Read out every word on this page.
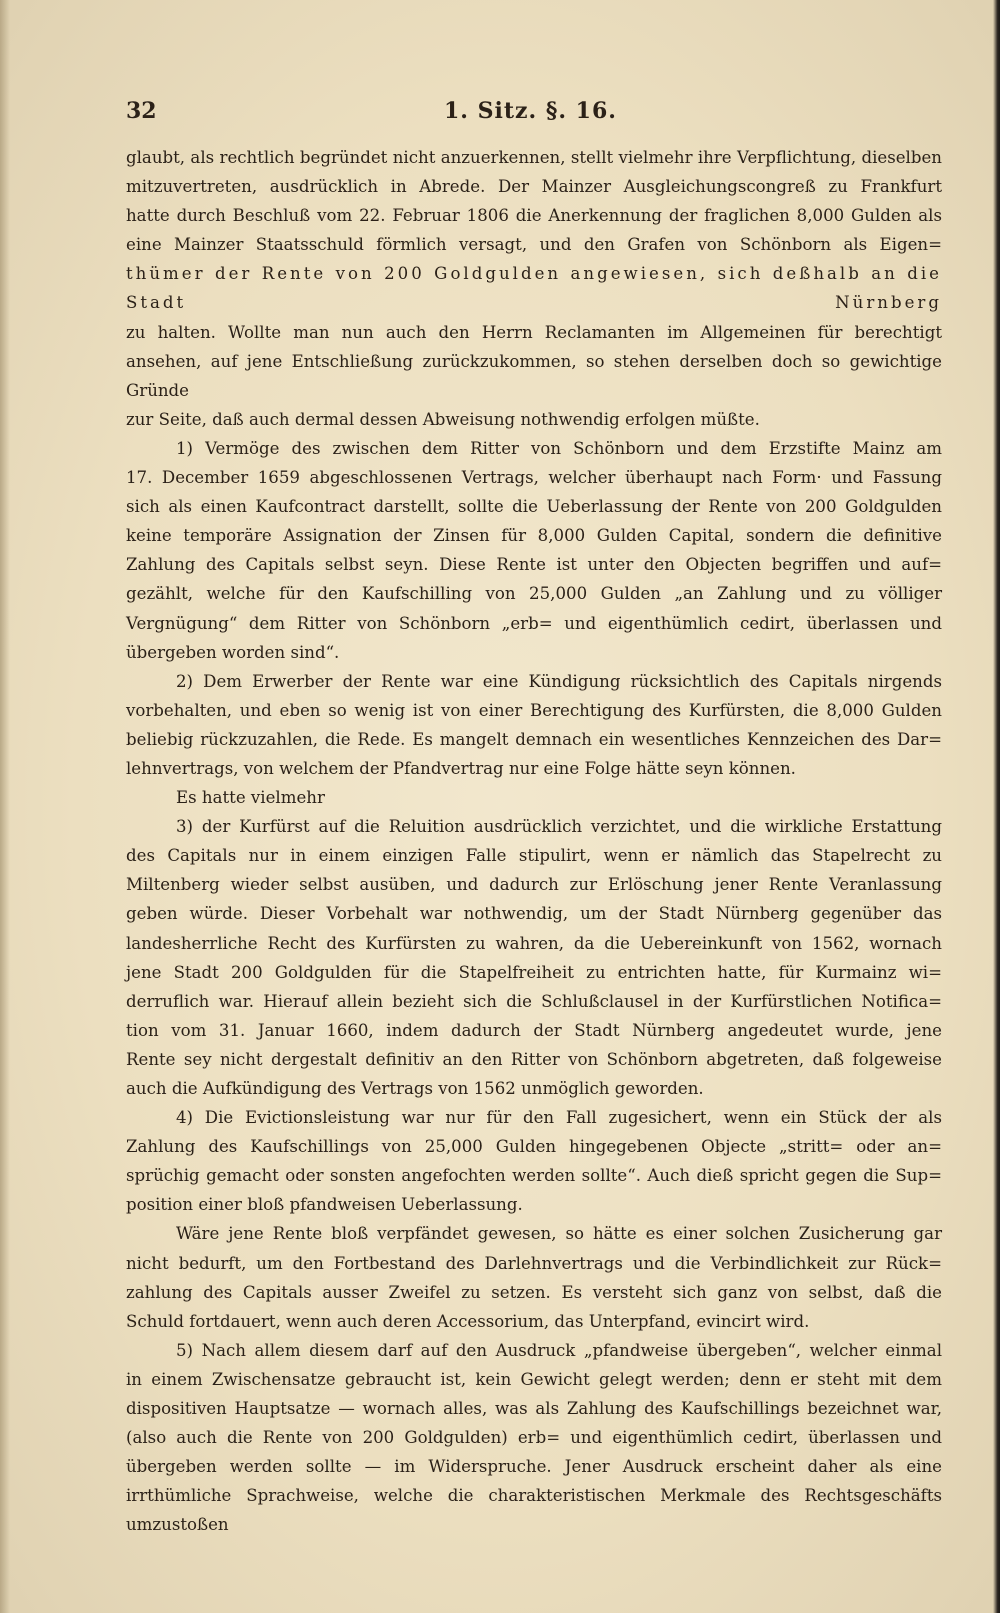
32	1. Sitz. §. 16.
glaubt, als rechtlich begründet nicht anzuerkennen, stellt vielmehr ihre Verpflichtung, dieselben
mitzuvertreten, ausdrücklich in Abrede. Der Mainzer Ausgleichungscongreß zu Frankfurt
hatte durch Beschluß vom 22. Februar 1806 die Anerkennung der fraglichen 8,000 Gulden als
eine Mainzer Staatsschuld förmlich versagt, und den Grafen von Schönborn als Eigen=
thümer der Rente von 200 Goldgulden angewiesen, sich deßhalb an die Stadt Nürnberg
zu halten. Wollte man nun auch den Herrn Reclamanten im Allgemeinen für berechtigt
ansehen, auf jene Entschließung zurückzukommen, so stehen derselben doch so gewichtige Gründe
zur Seite, daß auch dermal dessen Abweisung nothwendig erfolgen müßte.
1) Vermöge des zwischen dem Ritter von Schönborn und dem Erzstifte Mainz am
17. December 1659 abgeschlossenen Vertrags, welcher überhaupt nach Form· und Fassung
sich als einen Kaufcontract darstellt, sollte die Ueberlassung der Rente von 200 Goldgulden
keine temporäre Assignation der Zinsen für 8,000 Gulden Capital, sondern die definitive
Zahlung des Capitals selbst seyn. Diese Rente ist unter den Objecten begriffen und auf=
gezählt, welche für den Kaufschilling von 25,000 Gulden „an Zahlung und zu völliger
Vergnügung“ dem Ritter von Schönborn „erb= und eigenthümlich cedirt, überlassen und
übergeben worden sind“.
2) Dem Erwerber der Rente war eine Kündigung rücksichtlich des Capitals nirgends
vorbehalten, und eben so wenig ist von einer Berechtigung des Kurfürsten, die 8,000 Gulden
beliebig rückzuzahlen, die Rede. Es mangelt demnach ein wesentliches Kennzeichen des Dar=
lehnvertrags, von welchem der Pfandvertrag nur eine Folge hätte seyn können.
Es hatte vielmehr
3) der Kurfürst auf die Reluition ausdrücklich verzichtet, und die wirkliche Erstattung
des Capitals nur in einem einzigen Falle stipulirt, wenn er nämlich das Stapelrecht zu
Miltenberg wieder selbst ausüben, und dadurch zur Erlöschung jener Rente Veranlassung
geben würde. Dieser Vorbehalt war nothwendig, um der Stadt Nürnberg gegenüber das
landesherrliche Recht des Kurfürsten zu wahren, da die Uebereinkunft von 1562, wornach
jene Stadt 200 Goldgulden für die Stapelfreiheit zu entrichten hatte, für Kurmainz wi=
derruflich war. Hierauf allein bezieht sich die Schlußclausel in der Kurfürstlichen Notifica=
tion vom 31. Januar 1660, indem dadurch der Stadt Nürnberg angedeutet wurde, jene
Rente sey nicht dergestalt definitiv an den Ritter von Schönborn abgetreten, daß folgeweise
auch die Aufkündigung des Vertrags von 1562 unmöglich geworden.
4) Die Evictionsleistung war nur für den Fall zugesichert, wenn ein Stück der als
Zahlung des Kaufschillings von 25,000 Gulden hingegebenen Objecte „stritt= oder an=
sprüchig gemacht oder sonsten angefochten werden sollte“. Auch dieß spricht gegen die Sup=
position einer bloß pfandweisen Ueberlassung.
Wäre jene Rente bloß verpfändet gewesen, so hätte es einer solchen Zusicherung gar
nicht bedurft, um den Fortbestand des Darlehnvertrags und die Verbindlichkeit zur Rück=
zahlung des Capitals ausser Zweifel zu setzen. Es versteht sich ganz von selbst, daß die
Schuld fortdauert, wenn auch deren Accessorium, das Unterpfand, evincirt wird.
5) Nach allem diesem darf auf den Ausdruck „pfandweise übergeben“, welcher einmal
in einem Zwischensatze gebraucht ist, kein Gewicht gelegt werden; denn er steht mit dem
dispositiven Hauptsatze — wornach alles, was als Zahlung des Kaufschillings bezeichnet war,
(also auch die Rente von 200 Goldgulden) erb= und eigenthümlich cedirt, überlassen und
übergeben werden sollte — im Widerspruche. Jener Ausdruck erscheint daher als eine
irrthümliche Sprachweise, welche die charakteristischen Merkmale des Rechtsgeschäfts umzustoßen
